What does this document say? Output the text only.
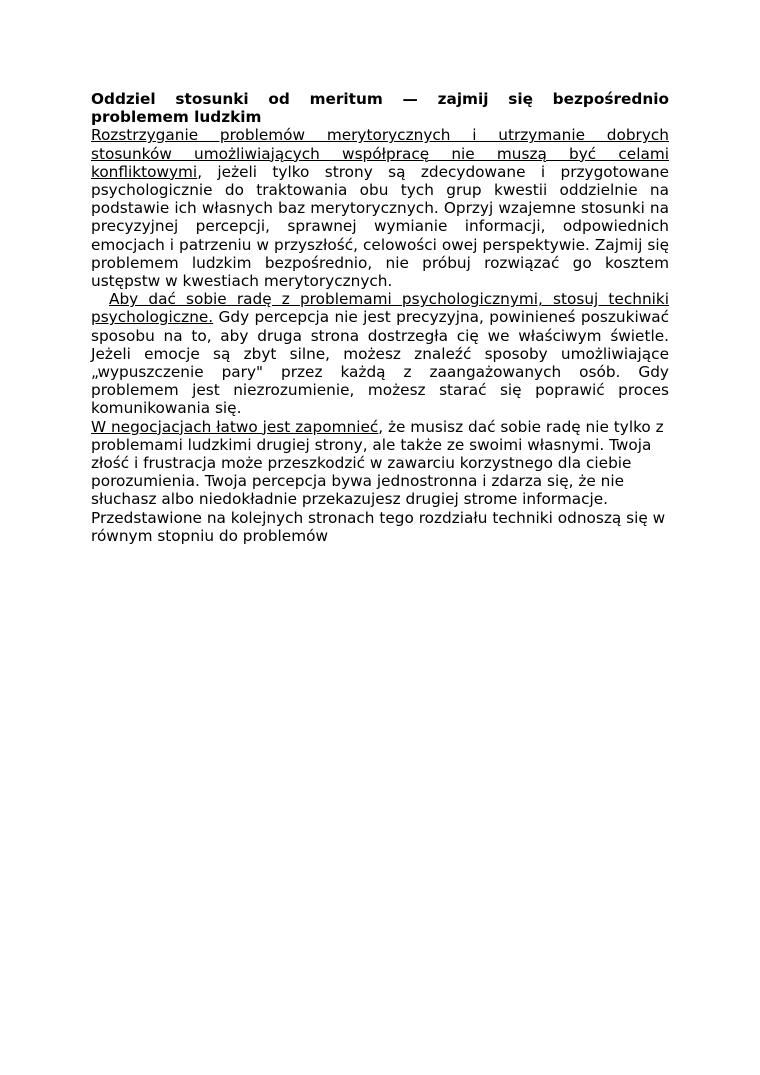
Oddziel stosunki od meritum — zajmij się bezpośrednio problemem ludzkim

Rozstrzyganie problemów merytorycznych i utrzymanie dobrych stosunków umożliwiających współpracę nie muszą być celami konfliktowymi, jeżeli tylko strony są zdecydowane i przygotowane psychologicznie do traktowania obu tych grup kwestii oddzielnie na podstawie ich własnych baz merytorycznych. Oprzyj wzajemne stosunki na precyzyjnej percepcji, sprawnej wymianie informacji, odpowiednich emocjach i patrzeniu w przyszłość, celowości owej perspektywie. Zajmij się problemem ludzkim bezpośrednio, nie próbuj rozwiązać go kosztem ustępstw w kwestiach merytorycznych.

Aby dać sobie radę z problemami psychologicznymi, stosuj techniki psychologiczne. Gdy percepcja nie jest precyzyjna, powinieneś poszukiwać sposobu na to, aby druga strona dostrzegła cię we właściwym świetle. Jeżeli emocje są zbyt silne, możesz znaleźć sposoby umożliwiające „wypuszczenie pary" przez każdą z zaangażowanych osób. Gdy problemem jest niezrozumienie, możesz starać się poprawić proces komunikowania się.

W negocjacjach łatwo jest zapomnieć, że musisz dać sobie radę nie tylko z problemami ludzkimi drugiej strony, ale także ze swoimi własnymi. Twoja złość i frustracja może przeszkodzić w zawarciu korzystnego dla ciebie porozumienia. Twoja percepcja bywa jednostronna i zdarza się, że nie słuchasz albo niedokładnie przekazujesz drugiej strome informacje. Przedstawione na kolejnych stronach tego rozdziału techniki odnoszą się w równym stopniu do problemów
